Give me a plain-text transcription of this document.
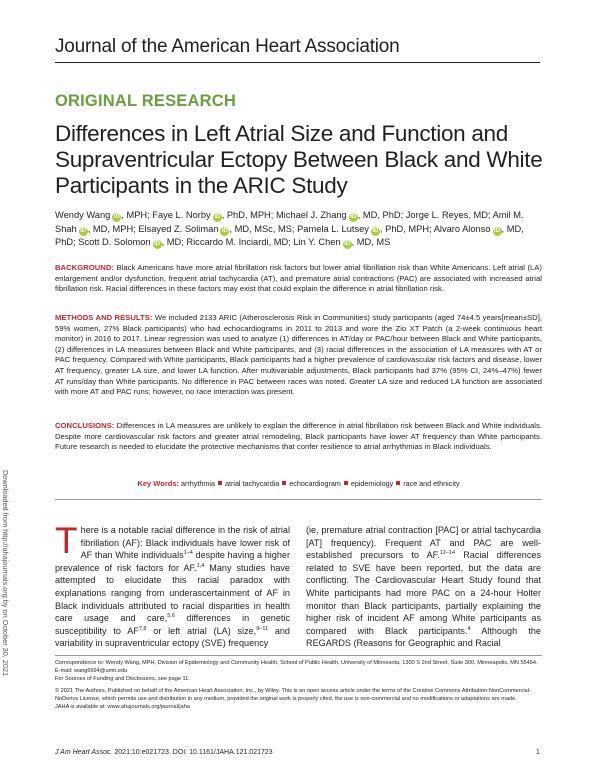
Journal of the American Heart Association
ORIGINAL RESEARCH
Differences in Left Atrial Size and Function and Supraventricular Ectopy Between Black and White Participants in the ARIC Study
Wendy Wang iD , MPH; Faye L. Norby iD , PhD, MPH; Michael J. Zhang iD , MD, PhD; Jorge L. Reyes, MD; Amil M. Shah iD , MD, MPH; Elsayed Z. Soliman iD , MD, MSc, MS; Pamela L. Lutsey iD , PhD, MPH; Alvaro Alonso iD , MD, PhD; Scott D. Solomon iD , MD; Riccardo M. Inciardi, MD; Lin Y. Chen iD , MD, MS
BACKGROUND: Black Americans have more atrial fibrillation risk factors but lower atrial fibrillation risk than White Americans. Left atrial (LA) enlargement and/or dysfunction, frequent atrial tachycardia (AT), and premature atrial contractions (PAC) are associated with increased atrial fibrillation risk. Racial differences in these factors may exist that could explain the difference in atrial fibrillation risk.
METHODS AND RESULTS: We included 2133 ARIC (Atherosclerosis Risk in Communities) study participants (aged 74±4.5 years[mean±SD], 59% women, 27% Black participants) who had echocardiograms in 2011 to 2013 and wore the Zio XT Patch (a 2-week continuous heart monitor) in 2016 to 2017. Linear regression was used to analyze (1) differences in AT/day or PAC/hour between Black and White participants, (2) differences in LA measures between Black and White participants, and (3) racial differences in the association of LA measures with AT or PAC frequency. Compared with White participants, Black participants had a higher prevalence of cardiovascular risk factors and disease, lower AT frequency, greater LA size, and lower LA function. After multivariable adjustments, Black participants had 37% (95% CI, 24%–47%) fewer AT runs/day than White participants. No difference in PAC between races was noted. Greater LA size and reduced LA function are associated with more AT and PAC runs; however, no race interaction was present.
CONCLUSIONS: Differences in LA measures are unlikely to explain the difference in atrial fibrillation risk between Black and White individuals. Despite more cardiovascular risk factors and greater atrial remodeling, Black participants have lower AT frequency than White participants. Future research is needed to elucidate the protective mechanisms that confer resilience to atrial arrhythmias in Black individuals.
Key Words: arrhythmia atrial tachycardia echocardiogram epidemiology race and ethnicity
Downloaded from http://ahajournals.org by on October 30, 2021 T here is a notable racial difference in the risk of atrial fibrillation (AF): Black individuals have lower risk of AF than White individuals$^{1-4}$ despite having a higher prevalence of risk factors for AF.$^{1,4}$ Many studies have attempted to elucidate this racial paradox with explanations ranging from underascertainment of AF in Black individuals attributed to racial disparities in health care usage and care,$^{5,6}$ differences in genetic susceptibility to AF$^{7,8}$ or left atrial (LA) size,$^{9-11}$ and variability in supraventricular ectopy (SVE) frequency
(ie, premature atrial contraction [PAC] or atrial tachycardia [AT] frequency). Frequent AT and PAC are well-established precursors to AF.$^{12-14}$ Racial differences related to SVE have been reported, but the data are conflicting. The Cardiovascular Heart Study found that White participants had more PAC on a 24-hour Holter monitor than Black participants, partially explaining the higher risk of incident AF among White participants as compared with Black participants.$^4$ Although the REGARDS (Reasons for Geographic and Racial

Correspondence to: Wendy Wang, MPH, Division of Epidemiology and Community Health, School of Public Health, University of Minnesota, 1300 S 2nd Street, Suite 300, Minneapolis, MN 55454. E-mail: wang6694@umn.edu

For Sources of Funding and Disclosures, see page 11.

© 2021 The Authors. Published on behalf of the American Heart Association, Inc., by Wiley. This is an open access article under the terms of the Creative Commons Attribution-NonCommercial-NoDerivs License, which permits use and distribution in any medium, provided the original work is properly cited, the use is non-commercial and no modifications or adaptations are made.

JAHA is available at: www.ahajournals.org/journal/jaha

J Am Heart Assoc. 2021;10:e021723. DOI: 10.1161/JAHA.121.021723	1
